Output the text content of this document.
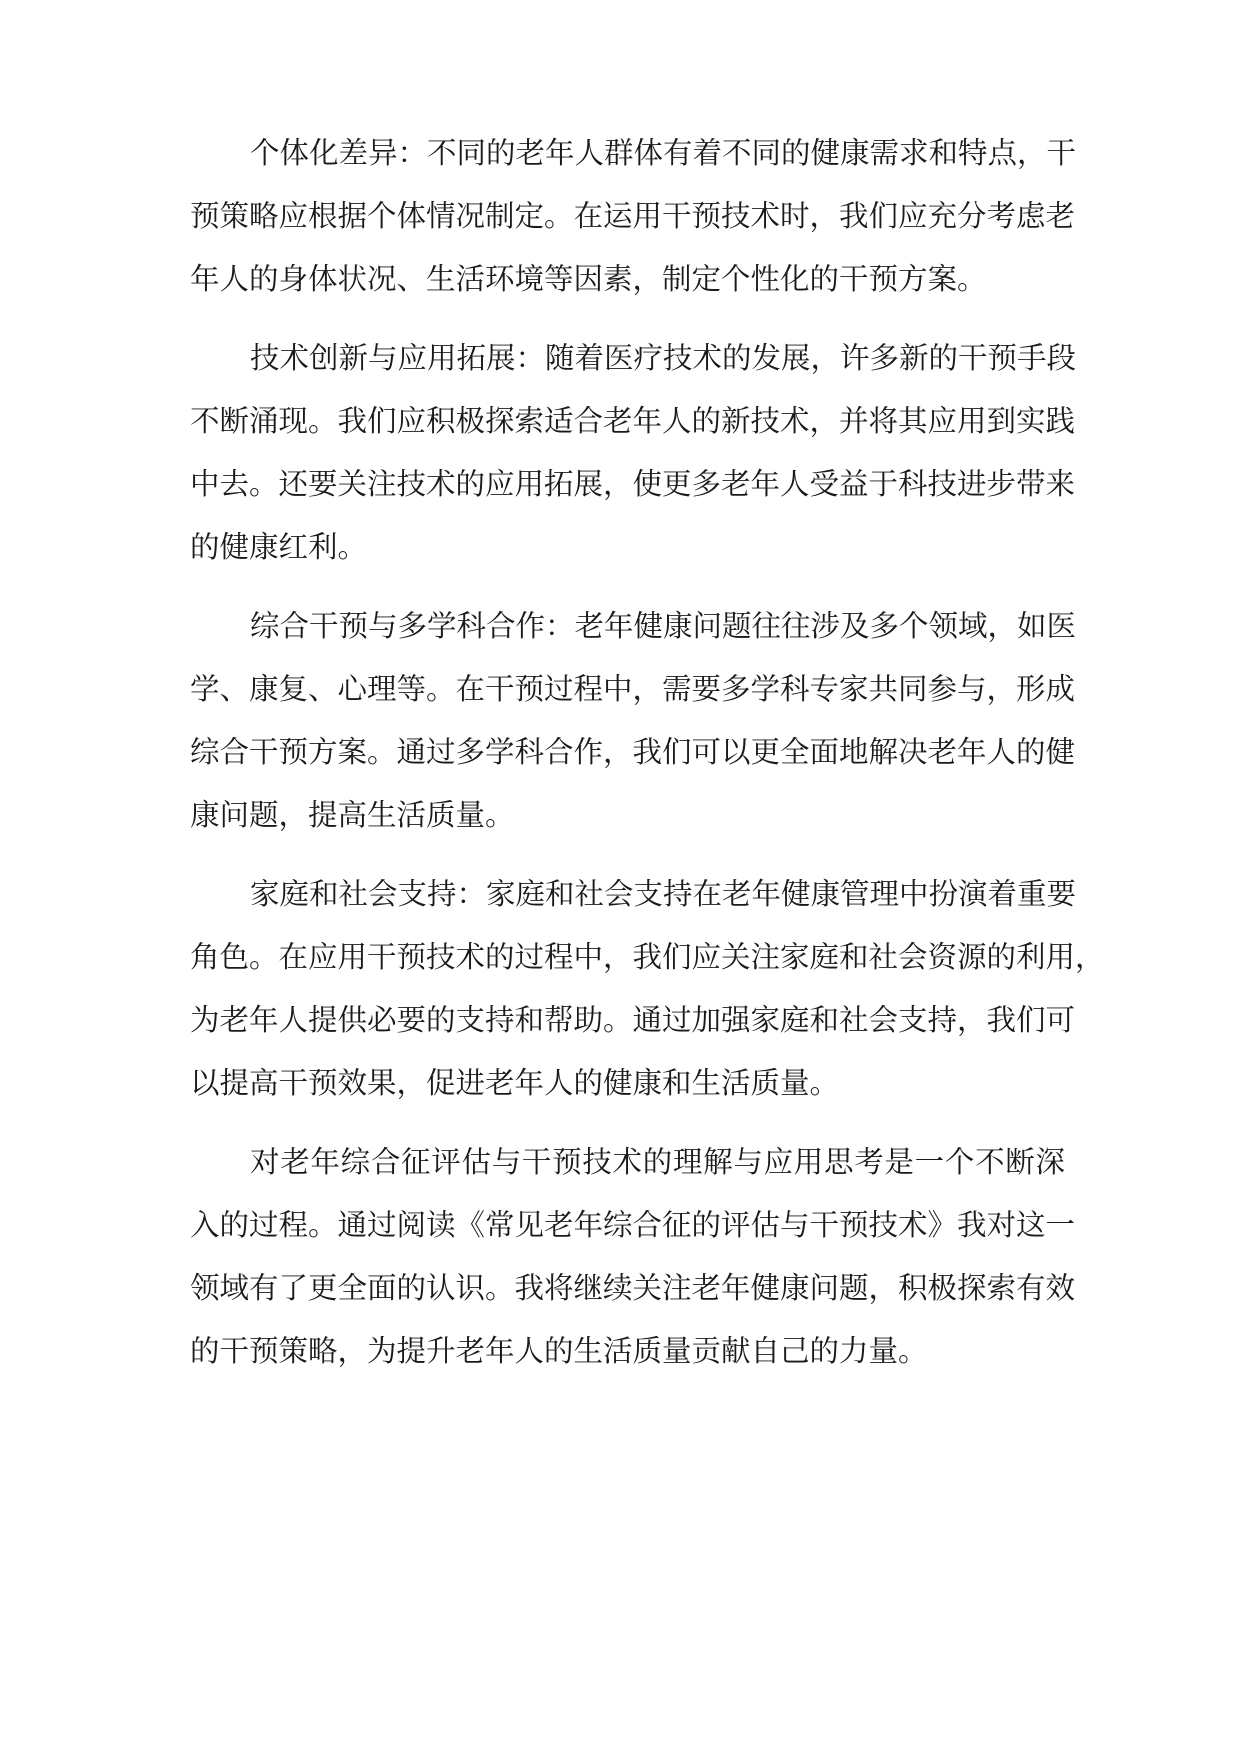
个体化差异：不同的老年人群体有着不同的健康需求和特点，干
预策略应根据个体情况制定。在运用干预技术时，我们应充分考虑老
年人的身体状况、生活环境等因素，制定个性化的干预方案。
技术创新与应用拓展：随着医疗技术的发展，许多新的干预手段
不断涌现。我们应积极探索适合老年人的新技术，并将其应用到实践
中去。还要关注技术的应用拓展，使更多老年人受益于科技进步带来
的健康红利。
综合干预与多学科合作：老年健康问题往往涉及多个领域，如医
学、康复、心理等。在干预过程中，需要多学科专家共同参与，形成
综合干预方案。通过多学科合作，我们可以更全面地解决老年人的健
康问题，提高生活质量。
家庭和社会支持：家庭和社会支持在老年健康管理中扮演着重要
角色。在应用干预技术的过程中，我们应关注家庭和社会资源的利用，
为老年人提供必要的支持和帮助。通过加强家庭和社会支持，我们可
以提高干预效果，促进老年人的健康和生活质量。
对老年综合征评估与干预技术的理解与应用思考是一个不断深
入的过程。通过阅读《常见老年综合征的评估与干预技术》我对这一
领域有了更全面的认识。我将继续关注老年健康问题，积极探索有效
的干预策略，为提升老年人的生活质量贡献自己的力量。
